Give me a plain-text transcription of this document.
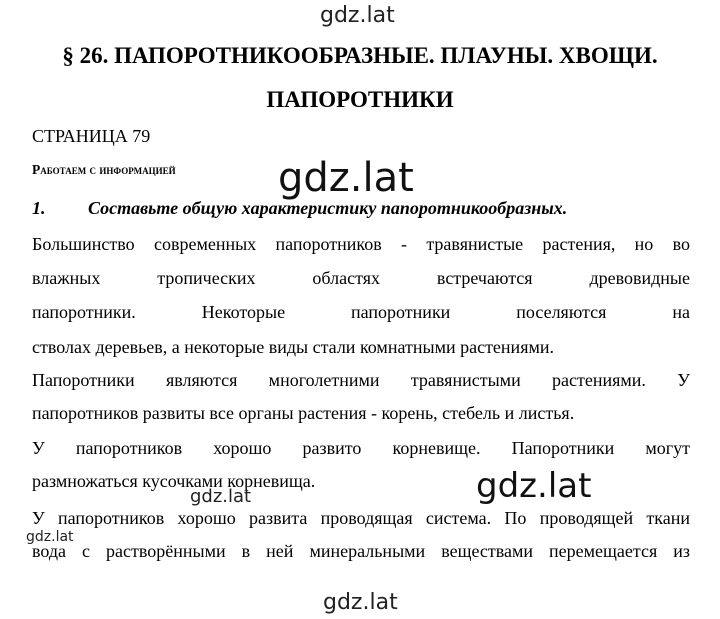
gdz.lat
§ 26. ПАПОРОТНИКООБРАЗНЫЕ. ПЛАУНЫ. ХВОЩИ.
ПАПОРОТНИКИ
СТРАНИЦА 79
Работаем с информацией
1. Составьте общую характеристику папоротникообразных.
Большинство современных папоротников - травянистые растения, но во
влажных тропических областях встречаются древовидные
папоротники. Некоторые папоротники поселяются на
стволах деревьев, а некоторые виды стали комнатными растениями.
Папоротники являются многолетними травянистыми растениями. У
папоротников развиты все органы растения - корень, стебель и листья.
У папоротников хорошо развито корневище. Папоротники могут
размножаться кусочками корневища.
У папоротников хорошо развита проводящая система. По проводящей ткани
вода с растворёнными в ней минеральными веществами перемещается из
gdz.lat
gdz.lat
gdz.lat
gdz.lat
gdz.lat
